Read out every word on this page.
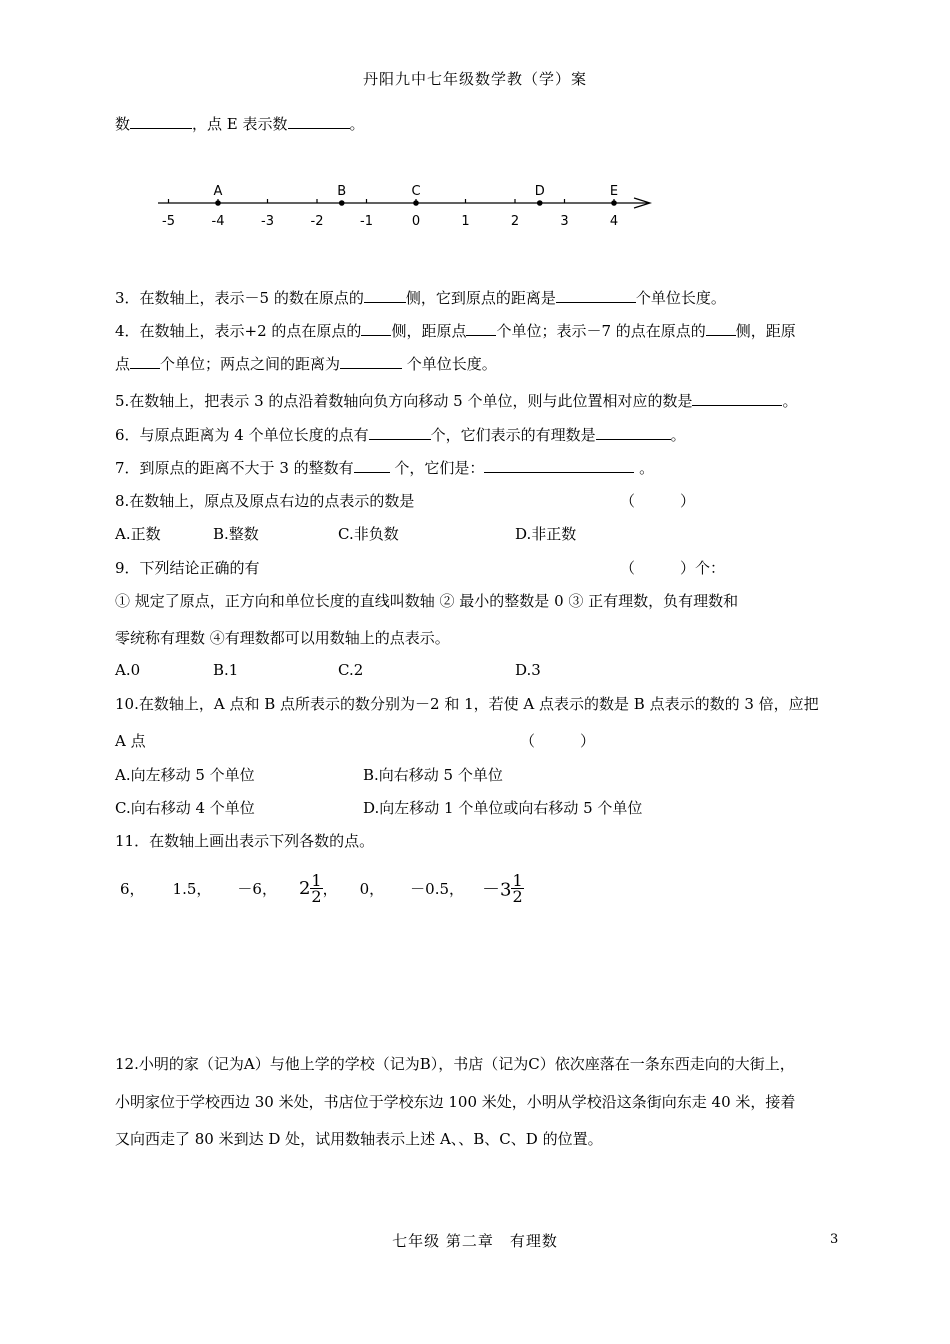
丹阳九中七年级数学教（学）案
数	，点 E 表示数	。
-5	-4	-3	-2	-1	0	1	2	3	4
A	B	C	D	E
3．在数轴上，表示－5 的数在原点的	侧，它到原点的距离是	个单位长度。
4．在数轴上，表示+2 的点在原点的 侧，距原点 个单位；表示－7 的点在原点的 侧，距原
点 个单位；两点之间的距离为	个单位长度。
5.在数轴上，把表示 3 的点沿着数轴向负方向移动 5 个单位，则与此位置相对应的数是	。
6．与原点距离为 4 个单位长度的点有	个，它们表示的有理数是	。
7．到原点的距离不大于 3 的整数有 个，它们是：	。
8.在数轴上，原点及原点右边的点表示的数是	（　　　）
A.正数	B.整数	C.非负数	D.非正数
9．下列结论正确的有	（　　　）个：
① 规定了原点，正方向和单位长度的直线叫数轴 ② 最小的整数是 0 ③ 正有理数，负有理数和
零统称有理数 ④有理数都可以用数轴上的点表示。
A.0	B.1	C.2	D.3
10.在数轴上，A 点和 B 点所表示的数分别为－2 和 1，若使 A 点表示的数是 B 点表示的数的 3 倍，应把
A 点	（　　　）
A.向左移动 5 个单位	B.向右移动 5 个单位
C.向右移动 4 个单位	D.向左移动 1 个单位或向右移动 5 个单位
11．在数轴上画出表示下列各数的点。
6， 1.5， －6， $2 \frac{1}{2}$ ， 0， －0.5， $-3 \frac{1}{2}$
12.小明的家（记为A）与他上学的学校（记为B），书店（记为C）依次座落在一条东西走向的大街上，
小明家位于学校西边 30 米处，书店位于学校东边 100 米处，小明从学校沿这条街向东走 40 米，接着
又向西走了 80 米到达 D 处，试用数轴表示上述 A、、B、C、D 的位置。
七年级 第二章　有理数	3
